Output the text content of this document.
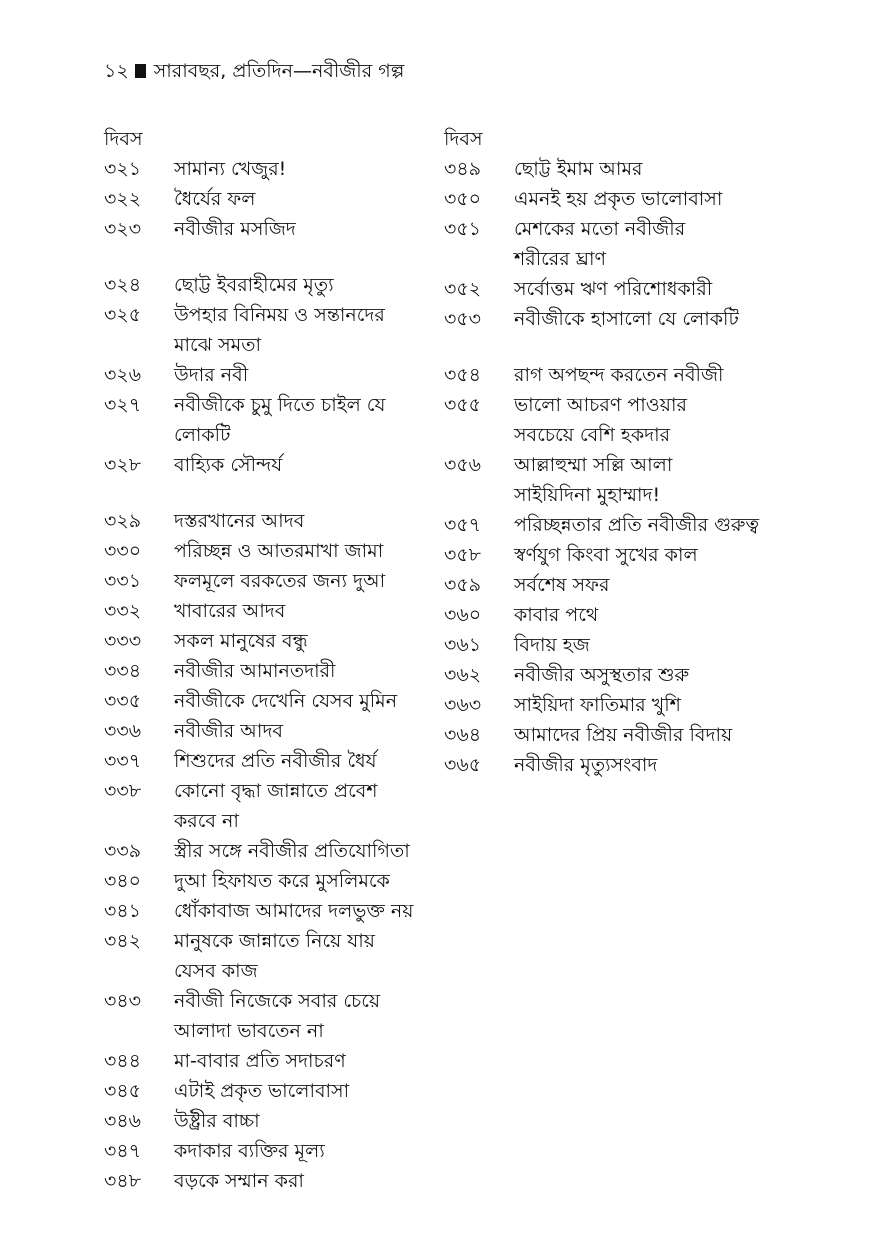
১২ সারাবছর, প্রতিদিন—নবীজীর গল্প
দিবস
৩২১	সামান্য খেজুর!
৩২২	ধৈর্যের ফল
৩২৩	নবীজীর মসজিদ
৩২৪	ছোট্ট ইবরাহীমের মৃত্যু
৩২৫	উপহার বিনিময় ও সন্তানদের মাঝে সমতা
৩২৬	উদার নবী
৩২৭	নবীজীকে চুমু দিতে চাইল যে লোকটি
৩২৮	বাহ্যিক সৌন্দর্য
৩২৯	দস্তরখানের আদব
৩৩০	পরিচ্ছন্ন ও আতরমাখা জামা
৩৩১	ফলমূলে বরকতের জন্য দুআ
৩৩২	খাবারের আদব
৩৩৩	সকল মানুষের বন্ধু
৩৩৪	নবীজীর আমানতদারী
৩৩৫	নবীজীকে দেখেনি যেসব মুমিন
৩৩৬	নবীজীর আদব
৩৩৭	শিশুদের প্রতি নবীজীর ধৈর্য
৩৩৮	কোনো বৃদ্ধা জান্নাতে প্রবেশ করবে না
৩৩৯	স্ত্রীর সঙ্গে নবীজীর প্রতিযোগিতা
৩৪০	দুআ হিফাযত করে মুসলিমকে
৩৪১	ধোঁকাবাজ আমাদের দলভুক্ত নয়
৩৪২	মানুষকে জান্নাতে নিয়ে যায় যেসব কাজ
৩৪৩	নবীজী নিজেকে সবার চেয়ে আলাদা ভাবতেন না
৩৪৪	মা-বাবার প্রতি সদাচরণ
৩৪৫	এটাই প্রকৃত ভালোবাসা
৩৪৬	উষ্ট্রীর বাচ্চা
৩৪৭	কদাকার ব্যক্তির মূল্য
৩৪৮	বড়কে সম্মান করা
দিবস
৩৪৯	ছোট্ট ইমাম আমর
৩৫০	এমনই হয় প্রকৃত ভালোবাসা
৩৫১	মেশকের মতো নবীজীর শরীরের ঘ্রাণ
৩৫২	সর্বোত্তম ঋণ পরিশোধকারী
৩৫৩	নবীজীকে হাসালো যে লোকটি
৩৫৪	রাগ অপছন্দ করতেন নবীজী
৩৫৫	ভালো আচরণ পাওয়ার সবচেয়ে বেশি হকদার
৩৫৬	আল্লাহুম্মা সল্লি আলা সাইয়িদিনা মুহাম্মাদ!
৩৫৭	পরিচ্ছন্নতার প্রতি নবীজীর গুরুত্ব
৩৫৮	স্বর্ণযুগ কিংবা সুখের কাল
৩৫৯	সর্বশেষ সফর
৩৬০	কাবার পথে
৩৬১	বিদায় হজ
৩৬২	নবীজীর অসুস্থতার শুরু
৩৬৩	সাইয়িদা ফাতিমার খুশি
৩৬৪	আমাদের প্রিয় নবীজীর বিদায়
৩৬৫	নবীজীর মৃত্যুসংবাদ
